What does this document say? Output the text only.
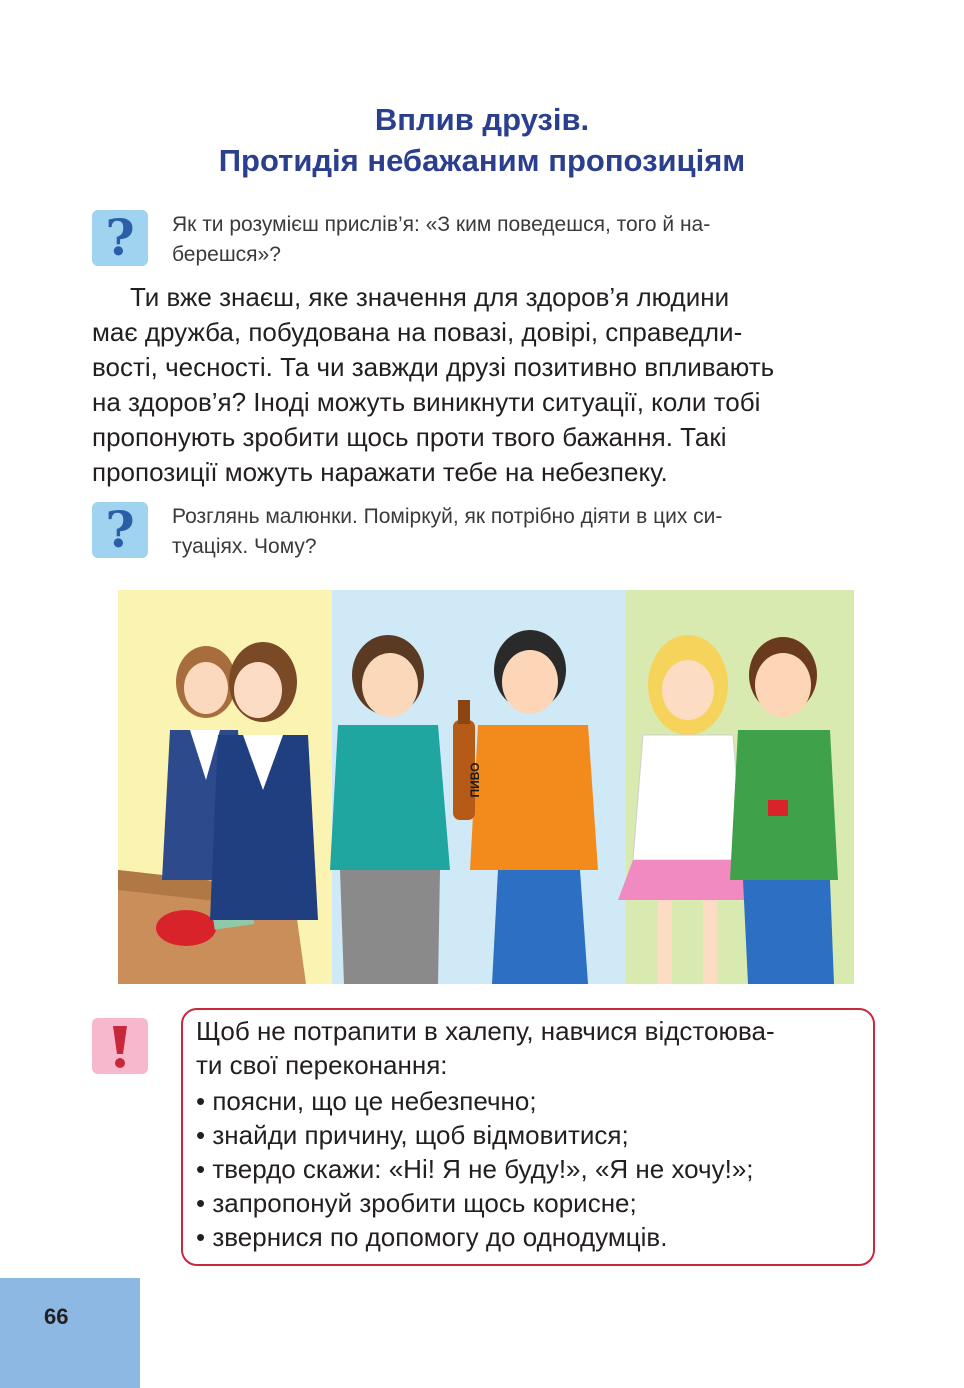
Вплив друзів.
Протидія небажаним пропозиціям
?	Як ти розумієш прислів’я: «З ким поведешся, того й на-
берешся»?
Ти вже знаєш, яке значення для здоров’я людини
має дружба, побудована на повазі, довірі, справедли-
вості, чесності. Та чи завжди друзі позитивно впливають
на здоров’я? Іноді можуть виникнути ситуації, коли тобі
пропонують зробити щось проти твого бажання. Такі
пропозиції можуть наражати тебе на небезпеку.
?	Розглянь малюнки. Поміркуй, як потрібно діяти в цих си-
туаціях. Чому?
ПИВО
Щоб не потрапити в халепу, навчися відстоюва-
ти свої переконання:
• поясни, що це небезпечно;
• знайди причину, щоб відмовитися;
• твердо скажи: «Ні! Я не буду!», «Я не хочу!»;
• запропонуй зробити щось корисне;
• звернися по допомогу до однодумців.
66
